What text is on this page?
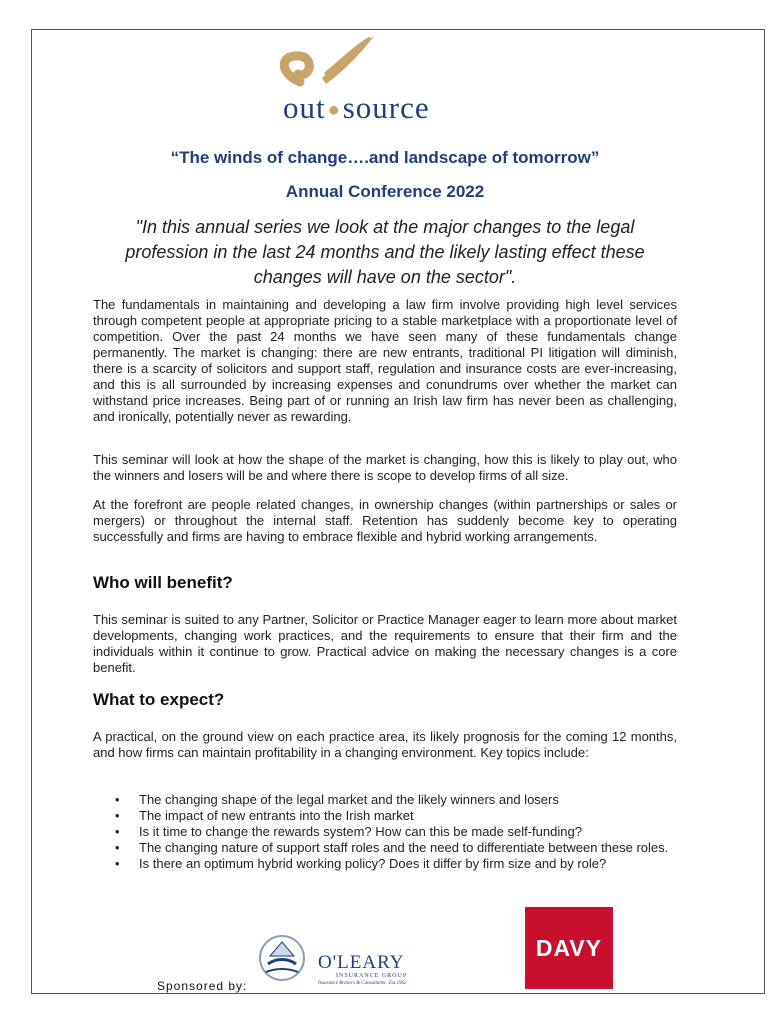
out ●source
“The winds of change….and landscape of tomorrow”
Annual Conference 2022
"In this annual series we look at the major changes to the legal profession in the last 24 months and the likely lasting effect these changes will have on the sector".

The fundamentals in maintaining and developing a law firm involve providing high level services through competent people at appropriate pricing to a stable marketplace with a proportionate level of competition. Over the past 24 months we have seen many of these fundamentals change permanently. The market is changing: there are new entrants, traditional PI litigation will diminish, there is a scarcity of solicitors and support staff, regulation and insurance costs are ever-increasing, and this is all surrounded by increasing expenses and conundrums over whether the market can withstand price increases. Being part of or running an Irish law firm has never been as challenging, and ironically, potentially never as rewarding.

This seminar will look at how the shape of the market is changing, how this is likely to play out, who the winners and losers will be and where there is scope to develop firms of all size.

At the forefront are people related changes, in ownership changes (within partnerships or sales or mergers) or throughout the internal staff. Retention has suddenly become key to operating successfully and firms are having to embrace flexible and hybrid working arrangements.

Who will benefit?

This seminar is suited to any Partner, Solicitor or Practice Manager eager to learn more about market developments, changing work practices, and the requirements to ensure that their firm and the individuals within it continue to grow. Practical advice on making the necessary changes is a core benefit.

What to expect?

A practical, on the ground view on each practice area, its likely prognosis for the coming 12 months, and how firms can maintain profitability in a changing environment. Key topics include:

• The changing shape of the legal market and the likely winners and losers
• The impact of new entrants into the Irish market
• Is it time to change the rewards system? How can this be made self-funding?
• The changing nature of support staff roles and the need to differentiate between these roles.
• Is there an optimum hybrid working policy? Does it differ by firm size and by role?
O'LEARY
INSURANCE GROUP
Insurance Brokers & Consultants . Est.1962
Sponsored by:
DAVY
